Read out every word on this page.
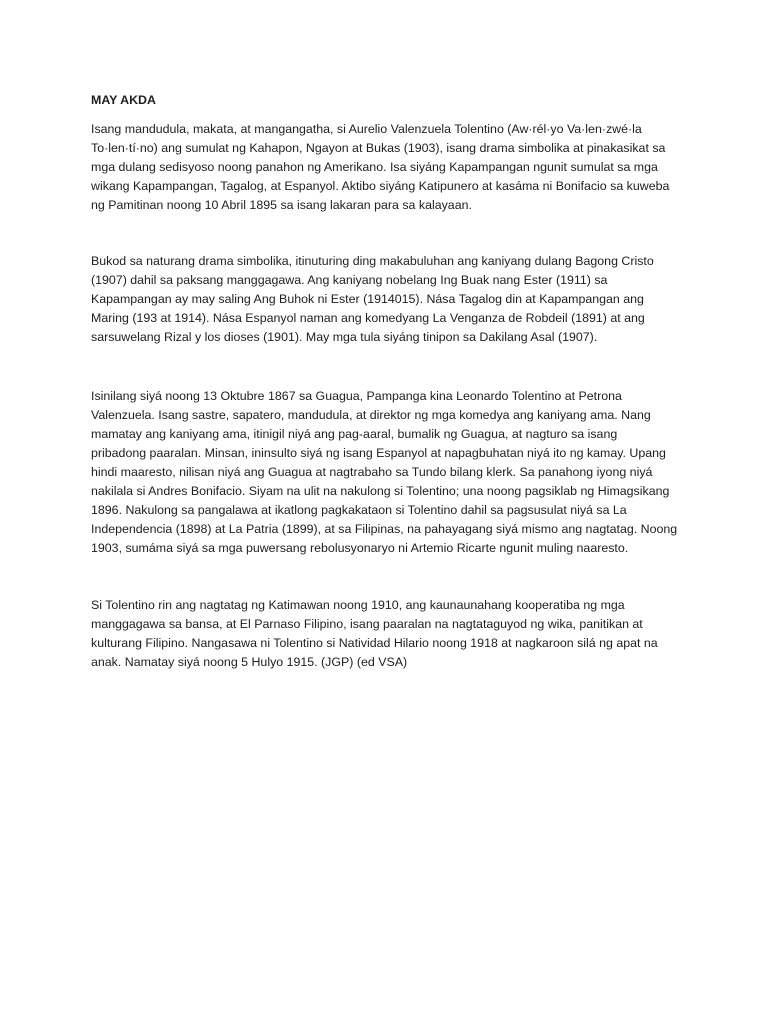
MAY AKDA

Isang mandudula, makata, at mangangatha, si Aurelio Valenzuela Tolentino (Aw·rél·yo Va·len·zwé·la
To·len·tí·no) ang sumulat ng Kahapon, Ngayon at Bukas (1903), isang drama simbolika at pinakasikat sa
mga dulang sedisyoso noong panahon ng Amerikano. Isa siyáng Kapampangan ngunit sumulat sa mga
wikang Kapampangan, Tagalog, at Espanyol. Aktibo siyáng Katipunero at kasáma ni Bonifacio sa kuweba
ng Pamitinan noong 10 Abril 1895 sa isang lakaran para sa kalayaan.

Bukod sa naturang drama simbolika, itinuturing ding makabuluhan ang kaniyang dulang Bagong Cristo
(1907) dahil sa paksang manggagawa. Ang kaniyang nobelang Ing Buak nang Ester (1911) sa
Kapampangan ay may saling Ang Buhok ni Ester (1914015). Nása Tagalog din at Kapampangan ang
Maring (193 at 1914). Nása Espanyol naman ang komedyang La Venganza de Robdeil (1891) at ang
sarsuwelang Rizal y los dioses (1901). May mga tula siyáng tinipon sa Dakilang Asal (1907).

Isinilang siyá noong 13 Oktubre 1867 sa Guagua, Pampanga kina Leonardo Tolentino at Petrona
Valenzuela. Isang sastre, sapatero, mandudula, at direktor ng mga komedya ang kaniyang ama. Nang
mamatay ang kaniyang ama, itinigil niyá ang pag-aaral, bumalik ng Guagua, at nagturo sa isang
pribadong paaralan. Minsan, ininsulto siyá ng isang Espanyol at napagbuhatan niyá ito ng kamay. Upang
hindi maaresto, nilisan niyá ang Guagua at nagtrabaho sa Tundo bilang klerk. Sa panahong iyong niyá
nakilala si Andres Bonifacio. Siyam na ulit na nakulong si Tolentino; una noong pagsiklab ng Himagsikang
1896. Nakulong sa pangalawa at ikatlong pagkakataon si Tolentino dahil sa pagsusulat niyá sa La
Independencia (1898) at La Patria (1899), at sa Filipinas, na pahayagang siyá mismo ang nagtatag. Noong
1903, sumáma siyá sa mga puwersang rebolusyonaryo ni Artemio Ricarte ngunit muling naaresto.

Si Tolentino rin ang nagtatag ng Katimawan noong 1910, ang kaunaunahang kooperatiba ng mga
manggagawa sa bansa, at El Parnaso Filipino, isang paaralan na nagtataguyod ng wika, panitikan at
kulturang Filipino. Nangasawa ni Tolentino si Natividad Hilario noong 1918 at nagkaroon silá ng apat na
anak. Namatay siyá noong 5 Hulyo 1915. (JGP) (ed VSA)
